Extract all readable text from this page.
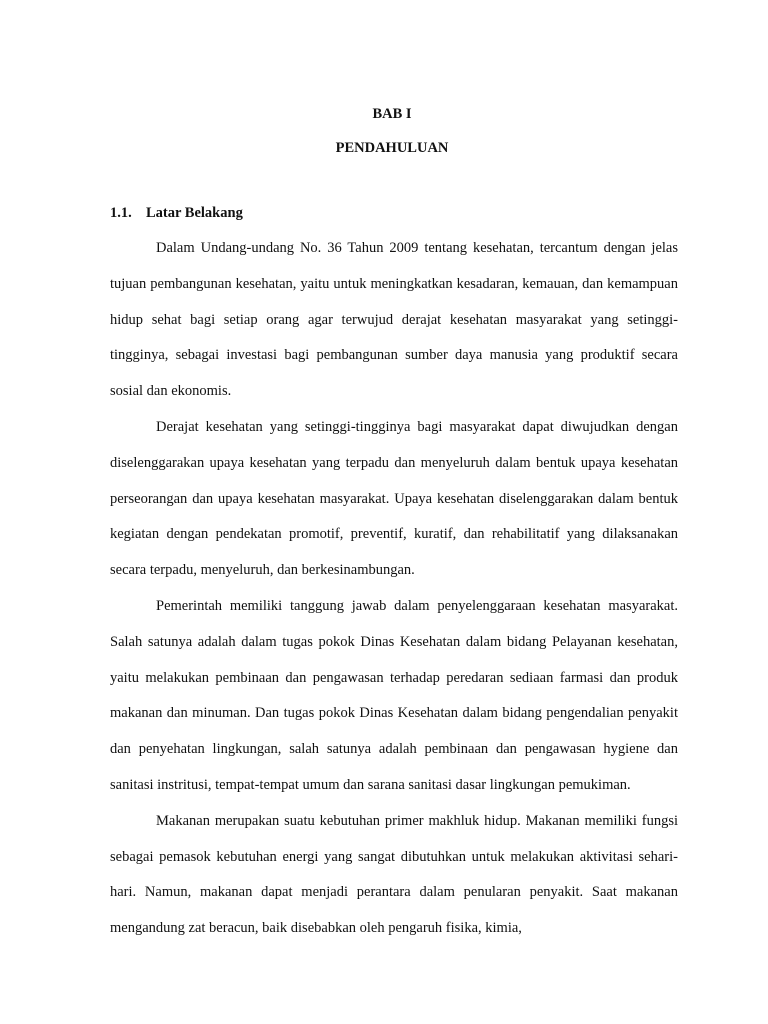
BAB I
PENDAHULUAN
1.1. Latar Belakang

Dalam Undang-undang No. 36 Tahun 2009 tentang kesehatan, tercantum dengan jelas tujuan pembangunan kesehatan, yaitu untuk meningkatkan kesadaran, kemauan, dan kemampuan hidup sehat bagi setiap orang agar terwujud derajat kesehatan masyarakat yang setinggi-tingginya, sebagai investasi bagi pembangunan sumber daya manusia yang produktif secara sosial dan ekonomis.

Derajat kesehatan yang setinggi-tingginya bagi masyarakat dapat diwujudkan dengan diselenggarakan upaya kesehatan yang terpadu dan menyeluruh dalam bentuk upaya kesehatan perseorangan dan upaya kesehatan masyarakat. Upaya kesehatan diselenggarakan dalam bentuk kegiatan dengan pendekatan promotif, preventif, kuratif, dan rehabilitatif yang dilaksanakan secara terpadu, menyeluruh, dan berkesinambungan.

Pemerintah memiliki tanggung jawab dalam penyelenggaraan kesehatan masyarakat. Salah satunya adalah dalam tugas pokok Dinas Kesehatan dalam bidang Pelayanan kesehatan, yaitu melakukan pembinaan dan pengawasan terhadap peredaran sediaan farmasi dan produk makanan dan minuman. Dan tugas pokok Dinas Kesehatan dalam bidang pengendalian penyakit dan penyehatan lingkungan, salah satunya adalah pembinaan dan pengawasan hygiene dan sanitasi instritusi, tempat-tempat umum dan sarana sanitasi dasar lingkungan pemukiman.

Makanan merupakan suatu kebutuhan primer makhluk hidup. Makanan memiliki fungsi sebagai pemasok kebutuhan energi yang sangat dibutuhkan untuk melakukan aktivitasi sehari-hari. Namun, makanan dapat menjadi perantara dalam penularan penyakit. Saat makanan mengandung zat beracun, baik disebabkan oleh pengaruh fisika, kimia,
